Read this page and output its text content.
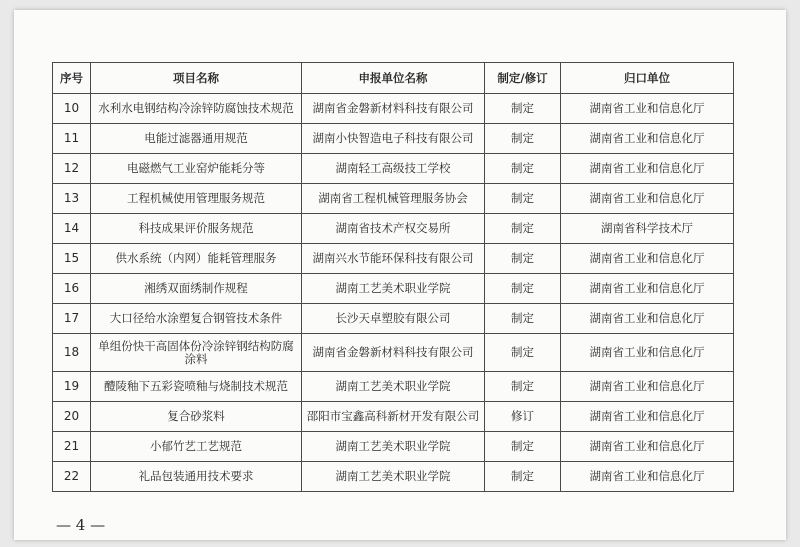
序号	项目名称	申报单位名称	制定/修订	归口单位
10	水利水电钢结构冷涂锌防腐蚀技术规范	湖南省金磐新材料科技有限公司	制定	湖南省工业和信息化厅
11	电能过滤器通用规范	湖南小快智造电子科技有限公司	制定	湖南省工业和信息化厅
12	电磁燃气工业窑炉能耗分等	湖南轻工高级技工学校	制定	湖南省工业和信息化厅
13	工程机械使用管理服务规范	湖南省工程机械管理服务协会	制定	湖南省工业和信息化厅
14	科技成果评价服务规范	湖南省技术产权交易所	制定	湖南省科学技术厅
15	供水系统（内网）能耗管理服务	湖南兴水节能环保科技有限公司	制定	湖南省工业和信息化厅
16	湘绣双面绣制作规程	湖南工艺美术职业学院	制定	湖南省工业和信息化厅
17	大口径给水涂塑复合钢管技术条件	长沙天卓塑胶有限公司	制定	湖南省工业和信息化厅
18	单组份快干高固体份冷涂锌钢结构防腐涂料	湖南省金磐新材料科技有限公司	制定	湖南省工业和信息化厅
19	醴陵釉下五彩瓷喷釉与烧制技术规范	湖南工艺美术职业学院	制定	湖南省工业和信息化厅
20	复合砂浆料	邵阳市宝鑫高科新材开发有限公司	修订	湖南省工业和信息化厅
21	小郁竹艺工艺规范	湖南工艺美术职业学院	制定	湖南省工业和信息化厅
22	礼品包装通用技术要求	湖南工艺美术职业学院	制定	湖南省工业和信息化厅
— 4 —
